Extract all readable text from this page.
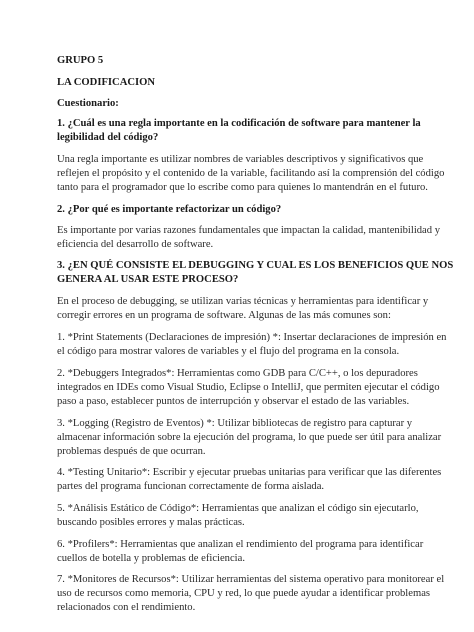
GRUPO 5
LA CODIFICACION
Cuestionario:
1. ¿Cuál es una regla importante en la codificación de software para mantener la
legibilidad del código?
Una regla importante es utilizar nombres de variables descriptivos y significativos que
reflejen el propósito y el contenido de la variable, facilitando así la comprensión del código
tanto para el programador que lo escribe como para quienes lo mantendrán en el futuro.
2. ¿Por qué es importante refactorizar un código?
Es importante por varias razones fundamentales que impactan la calidad, mantenibilidad y
eficiencia del desarrollo de software.
3. ¿EN QUÉ CONSISTE EL DEBUGGING Y CUAL ES LOS BENEFICIOS QUE NOS
GENERA AL USAR ESTE PROCESO?
En el proceso de debugging, se utilizan varias técnicas y herramientas para identificar y
corregir errores en un programa de software. Algunas de las más comunes son:
1. *Print Statements (Declaraciones de impresión) *: Insertar declaraciones de impresión en
el código para mostrar valores de variables y el flujo del programa en la consola.
2. *Debuggers Integrados*: Herramientas como GDB para C/C++, o los depuradores
integrados en IDEs como Visual Studio, Eclipse o IntelliJ, que permiten ejecutar el código
paso a paso, establecer puntos de interrupción y observar el estado de las variables.
3. *Logging (Registro de Eventos) *: Utilizar bibliotecas de registro para capturar y
almacenar información sobre la ejecución del programa, lo que puede ser útil para analizar
problemas después de que ocurran.
4. *Testing Unitario*: Escribir y ejecutar pruebas unitarias para verificar que las diferentes
partes del programa funcionan correctamente de forma aislada.
5. *Análisis Estático de Código*: Herramientas que analizan el código sin ejecutarlo,
buscando posibles errores y malas prácticas.
6. *Profilers*: Herramientas que analizan el rendimiento del programa para identificar
cuellos de botella y problemas de eficiencia.
7. *Monitores de Recursos*: Utilizar herramientas del sistema operativo para monitorear el
uso de recursos como memoria, CPU y red, lo que puede ayudar a identificar problemas
relacionados con el rendimiento.
